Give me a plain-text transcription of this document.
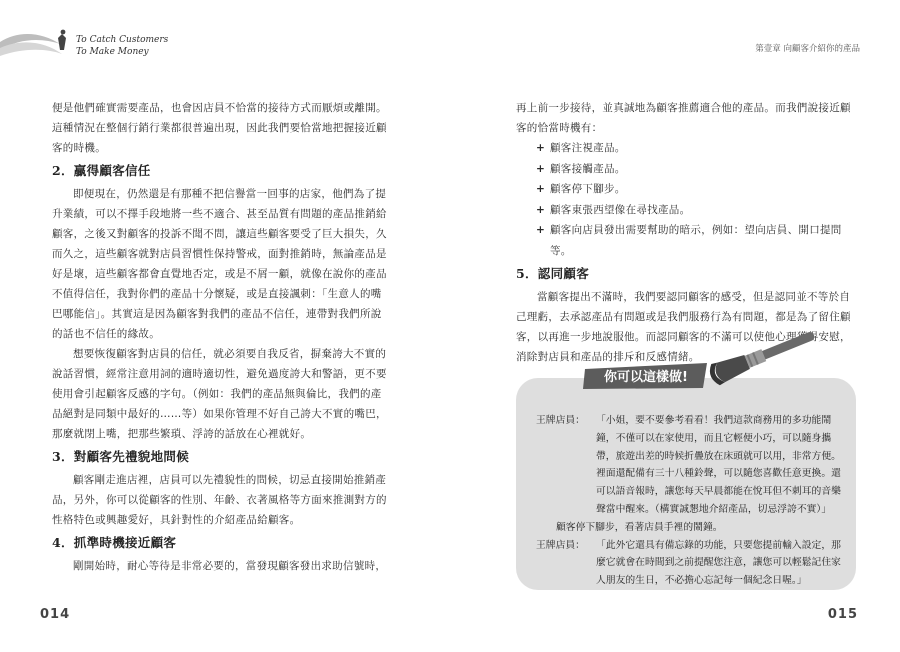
To Catch Customers
To Make Money

便是他們確實需要產品，也會因店員不恰當的接待方式而厭煩或離開。這種情況在整個行銷行業都很普遍出現，因此我們要恰當地把握接近顧客的時機。

2．贏得顧客信任

即便現在，仍然還是有那種不把信譽當一回事的店家，他們為了提升業績，可以不擇手段地將一些不適合、甚至品質有問題的產品推銷給顧客，之後又對顧客的投訴不聞不問，讓這些顧客要受了巨大損失，久而久之，這些顧客就對店員習慣性保持警戒，面對推銷時，無論產品是好是壞，這些顧客都會直覺地否定，或是不屑一顧，就像在說你的產品不值得信任，我對你們的產品十分懷疑，或是直接諷刺：「生意人的嘴巴哪能信」。其實這是因為顧客對我們的產品不信任，連帶對我們所說的話也不信任的緣故。

想要恢復顧客對店員的信任，就必須要自我反省，摒棄誇大不實的說話習慣，經常注意用詞的適時適切性，避免過度誇大和警語，更不要使用會引起顧客反感的字句。（例如：我們的產品無與倫比，我們的產品絕對是同類中最好的……等）如果你管理不好自己誇大不實的嘴巴，那麼就閉上嘴，把那些繁瑣、浮誇的話放在心裡就好。

3．對顧客先禮貌地問候

顧客剛走進店裡，店員可以先禮貌性的問候，切忌直接開始推銷產品，另外，你可以從顧客的性別、年齡、衣著風格等方面來推測對方的性格特色或興趣愛好，具針對性的介紹產品給顧客。

4．抓準時機接近顧客

剛開始時，耐心等待是非常必要的，當發現顧客發出求助信號時，

014
第壹章 向顧客介紹你的產品

再上前一步接待，並真誠地為顧客推薦適合他的產品。而我們說接近顧客的恰當時機有：

+ 顧客注視產品。
+ 顧客接觸產品。
+ 顧客停下腳步。
+ 顧客東張西望像在尋找產品。
+ 顧客向店員發出需要幫助的暗示，例如：望向店員、開口提問等。
5．認同顧客

當顧客提出不滿時，我們要認同顧客的感受，但是認同並不等於自己理虧，去承認產品有問題或是我們服務行為有問題，都是為了留住顧客，以再進一步地說服他。而認同顧客的不滿可以使他心理獲得安慰，消除對店員和產品的排斥和反感情緒。

你可以這樣做!
王牌店員： 「小姐，要不要參考看看！我們這款商務用的多功能鬧鐘，不僅可以在家使用，而且它輕便小巧，可以隨身攜帶，旅遊出差的時候折疊放在床頭就可以用，非常方便。裡面還配備有三十八種鈴聲，可以隨您喜歡任意更換。還可以語音報時，讓您每天早晨都能在悅耳但不刺耳的音樂聲當中醒來。（構實誠懇地介紹產品，切忌浮誇不實）」
顧客停下腳步，看著店員手裡的鬧鐘。
王牌店員： 「此外它還具有備忘錄的功能，只要您提前輸入設定，那麼它就會在時間到之前提醒您注意，讓您可以輕鬆記住家人朋友的生日，不必擔心忘記每一個紀念日喔。」
015
